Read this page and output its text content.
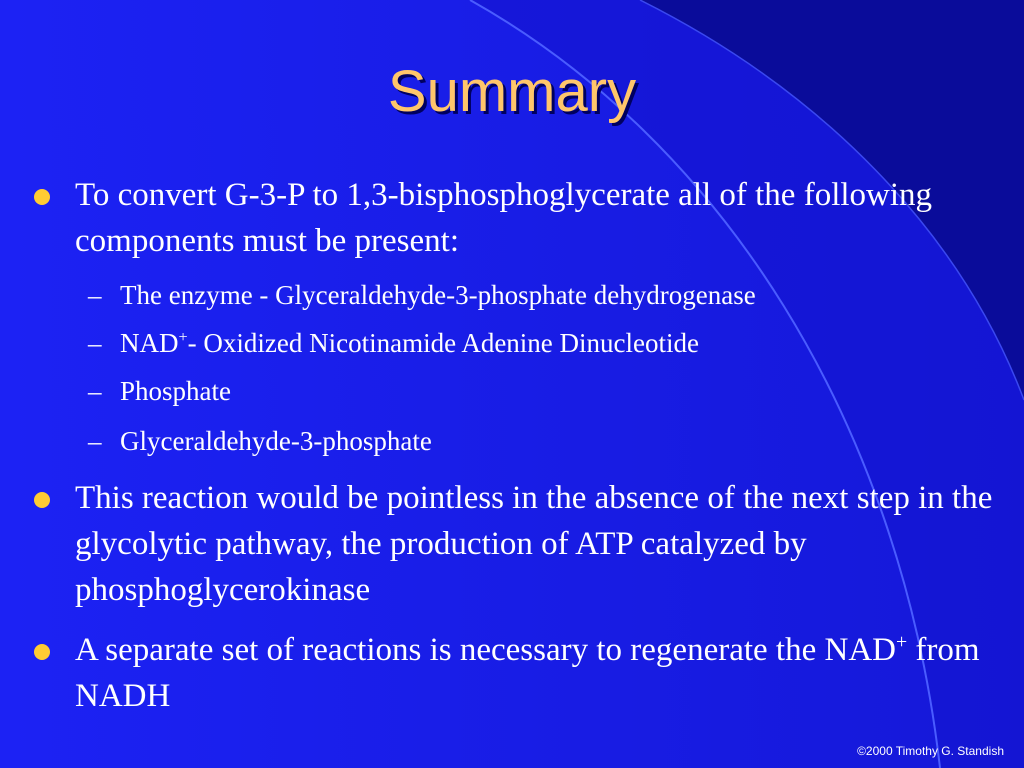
Summary
To convert G-3-P to 1,3-bisphosphoglycerate all of the following components must be present:
– The enzyme - Glyceraldehyde-3-phosphate dehydrogenase
– NAD+- Oxidized Nicotinamide Adenine Dinucleotide
– Phosphate
– Glyceraldehyde-3-phosphate
This reaction would be pointless in the absence of the next step in the glycolytic pathway, the production of ATP catalyzed by phosphoglycerokinase
A separate set of reactions is necessary to regenerate the NAD+ from NADH
©2000 Timothy G. Standish
